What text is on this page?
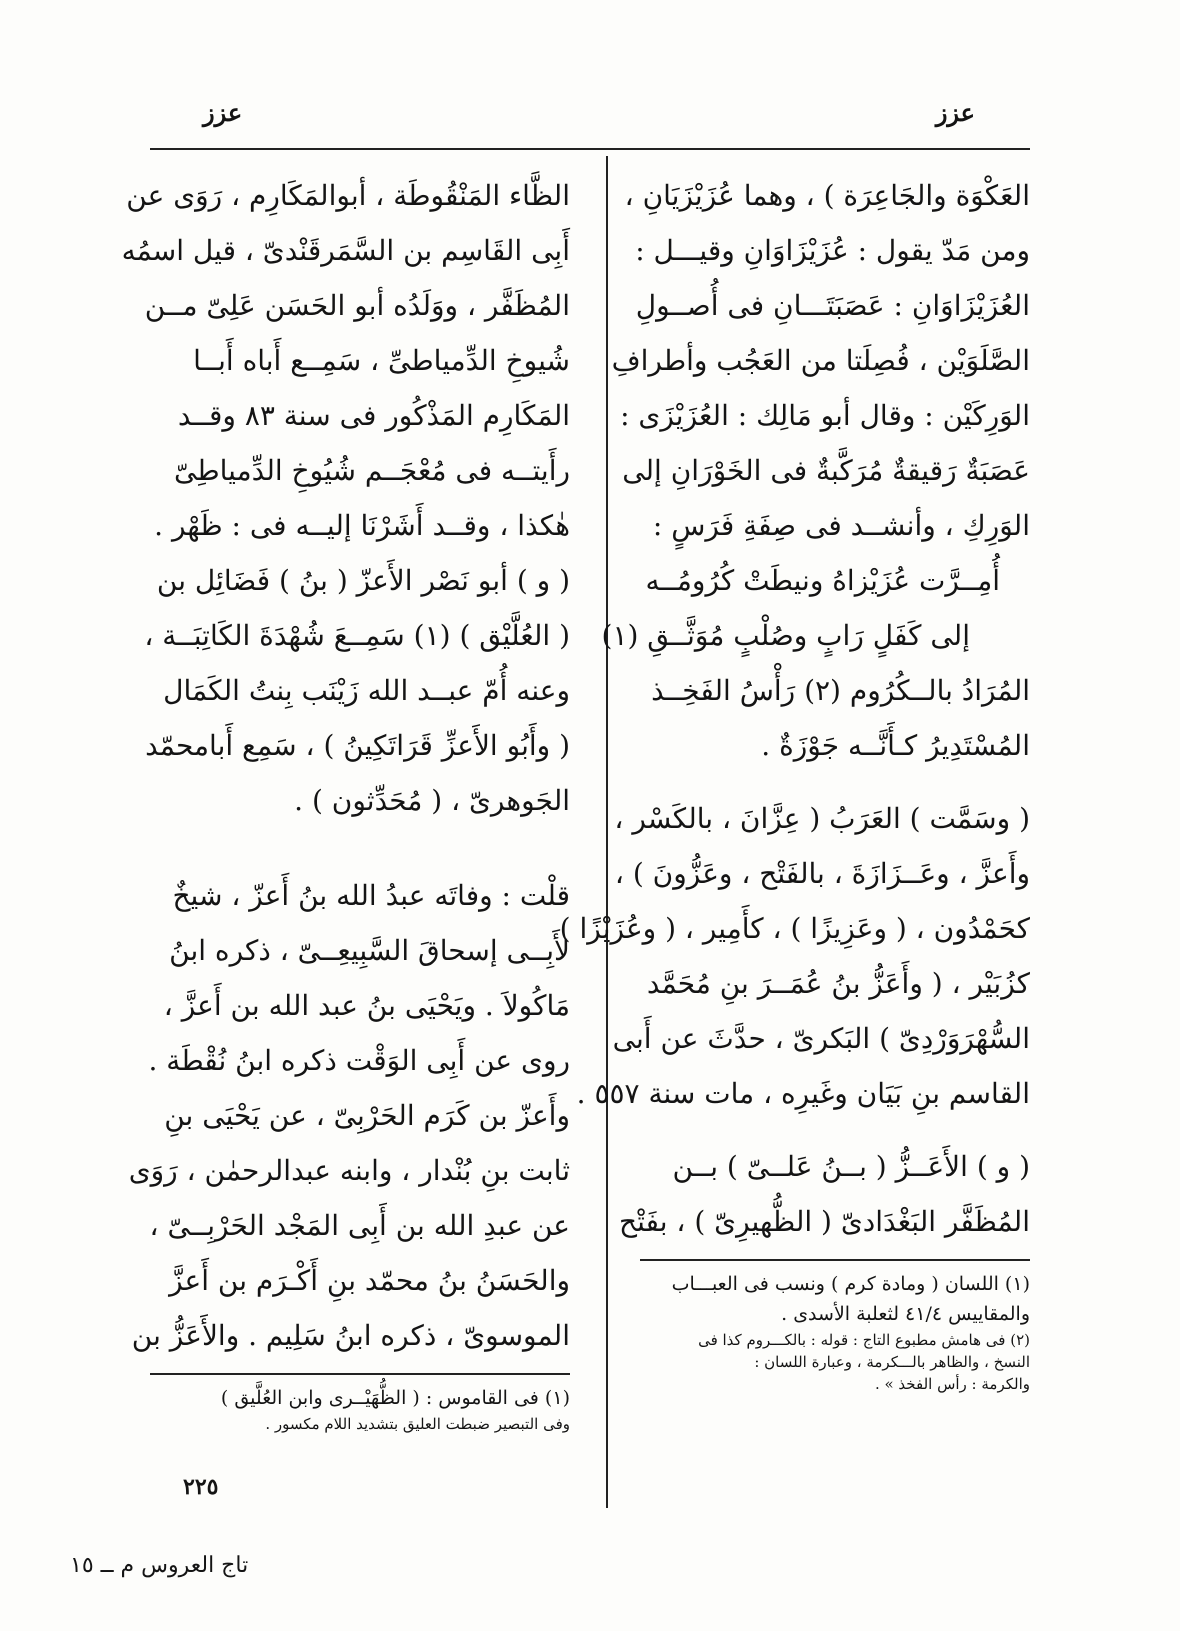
عزز
عزز
العَكْوَة والجَاعِرَة ) ، وهما عُزَيْزَيَانِ ،
ومن مَدّ يقول : عُزَيْزَاوَانِ وقيـــل :
العُزَيْزَاوَانِ : عَصَبَتَـــانِ فى أُصــولِ
الصَّلَوَيْن ، فُصِلَتا من العَجُب وأطرافِ
الوَرِكَيْن : وقال أبو مَالِك : العُزَيْزَى :
عَصَبَةٌ رَقيقةٌ مُرَكَّبةٌ فى الخَوْرَانِ إلى
الوَرِكِ ، وأنشــد فى صِفَةِ فَرَسٍ :
أُمِــرَّت عُزَيْزاهُ ونيطَتْ كُرُومُــه
إلى كَفَلٍ رَابٍ وصُلْبٍ مُوَثَّــقِ (١)
المُرَادُ بالــكُرُوم (٢) رَأْسُ الفَخِــذ
المُسْتَدِيرُ كـأَنَّــه جَوْزَةٌ .
( وسَمَّت ) العَرَبُ ( عِزَّانَ ، بالكَسْر ،
وأَعزَّ ، وعَــزَازَةَ ، بالفَتْح ، وعَزُّونَ ) ،
كحَمْدُون ، ( وعَزِيزًا ) ، كأَمِير ، ( وعُزَيْزًا )
كزُبَيْر ، ( وأَعَزُّ بنُ عُمَــرَ بنِ مُحَمَّد
السُّهْرَوَرْدِىّ ) البَكرىّ ، حدَّثَ عن أَبى
القاسم بنِ بَيَان وغَيرِه ، مات سنة ٥٥٧ .
( و ) الأَعَــزُّ ( بــنُ عَلــىّ ) بــن
المُظَفَّر البَغْدَادىّ ( الظُّهيرِىّ ) ، بفَتْح
(١) اللسان ( ومادة كرم ) ونسب فى العبـــاب
والمقاييس ٤١/٤ لثعلبة الأسدى .
(٢) فى هامش مطبوع التاج : قوله : بالكـــروم كذا فى
النسخ ، والظاهر بالـــكرمة ، وعبارة اللسان :
والكرمة : رأس الفخذ » .
الظَّاء المَنْقُوطَة ، أبوالمَكَارِم ، رَوَى عن
أَبِى القَاسِم بن السَّمَرقَنْدىّ ، قيل اسمُه
المُظَفَّر ، ووَلَدُه أبو الحَسَن عَلِىّ مــن
شُيوخِ الدِّمياطىِّ ، سَمِــع أَباه أَبــا
المَكَارِم المَذْكُور فى سنة ٨٣ وقــد
رأَيتــه فى مُعْجَــم شُيُوخِ الدِّمياطِىّ
هٰكذا ، وقــد أَشَرْنَا إليــه فى : ظَهْر .
( و ) أبو نَصْر الأَعزّ ( بنُ ) فَضَائِل بن
( العُلَّيْق ) (١) سَمِــعَ شُهْدَةَ الكَاتِبَــة ،
وعنه أُمّ عبــد الله زَيْنَب بِنتُ الكَمَال
( وأَبُو الأَعزِّ قَرَاتَكِينُ ) ، سَمِع أَبامحمّد
الجَوهرىّ ، ( مُحَدِّثون ) .
قلْت : وفاتَه عبدُ الله بنُ أَعزّ ، شيخٌ
لأَبِــى إسحاقَ السَّبِيعِــىّ ، ذكره ابنُ
مَاكُولاَ . ويَحْيَى بنُ عبد الله بن أَعزَّ ،
روى عن أَبِى الوَقْت ذكره ابنُ نُقْطَة .
وأَعزّ بن كَرَم الحَرْبِىّ ، عن يَحْيَى بنِ
ثابت بنِ بُنْدار ، وابنه عبدالرحمٰن ، رَوَى
عن عبدِ الله بن أَبِى المَجْد الحَرْبِــىّ ،
والحَسَنُ بنُ محمّد بنِ أَكْـرَم بن أَعزَّ
الموسوىّ ، ذكره ابنُ سَلِيم . والأَعَزُّ بن
(١) فى القاموس : ( الظُّهَيْــرى وابن العُلَّيق )
وفى التبصير ضبطت العليق بتشديد اللام مكسور .
٢٢٥
تاج العروس م ــ ١٥
